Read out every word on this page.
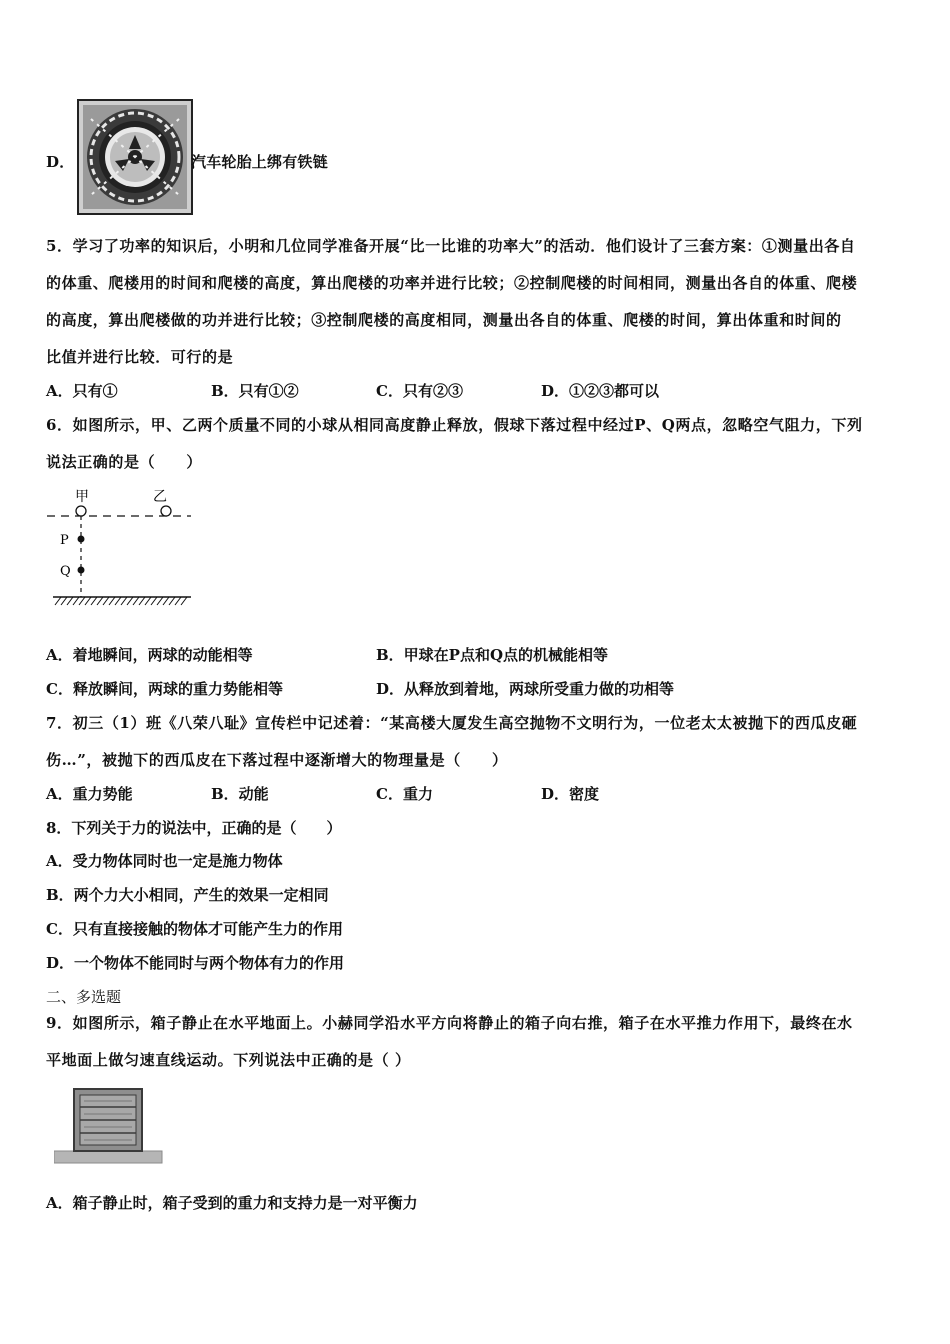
D．	汽车轮胎上绑有铁链
5．学习了功率的知识后，小明和几位同学准备开展“比一比谁的功率大”的活动．他们设计了三套方案：①测量出各自
的体重、爬楼用的时间和爬楼的高度，算出爬楼的功率并进行比较；②控制爬楼的时间相同，测量出各自的体重、爬楼
的高度，算出爬楼做的功并进行比较；③控制爬楼的高度相同，测量出各自的体重、爬楼的时间，算出体重和时间的
比值并进行比较．可行的是
A．只有①	B．只有①②	C．只有②③	D．①②③都可以
6．如图所示，甲、乙两个质量不同的小球从相同高度静止释放，假球下落过程中经过P、Q两点，忽略空气阻力，下列
说法正确的是（　　）
甲	乙
P
Q
A．着地瞬间，两球的动能相等	B．甲球在P点和Q点的机械能相等
C．释放瞬间，两球的重力势能相等	D．从释放到着地，两球所受重力做的功相等
7．初三（1）班《八荣八耻》宣传栏中记述着：“某高楼大厦发生高空抛物不文明行为，一位老太太被抛下的西瓜皮砸
伤…”，被抛下的西瓜皮在下落过程中逐渐增大的物理量是（　　）
A．重力势能	B．动能	C．重力	D．密度
8．下列关于力的说法中，正确的是（　　）
A．受力物体同时也一定是施力物体
B．两个力大小相同，产生的效果一定相同
C．只有直接接触的物体才可能产生力的作用
D．一个物体不能同时与两个物体有力的作用
二、多选题
9．如图所示，箱子静止在水平地面上。小赫同学沿水平方向将静止的箱子向右推，箱子在水平推力作用下，最终在水
平地面上做匀速直线运动。下列说法中正确的是（ ）
A．箱子静止时，箱子受到的重力和支持力是一对平衡力
